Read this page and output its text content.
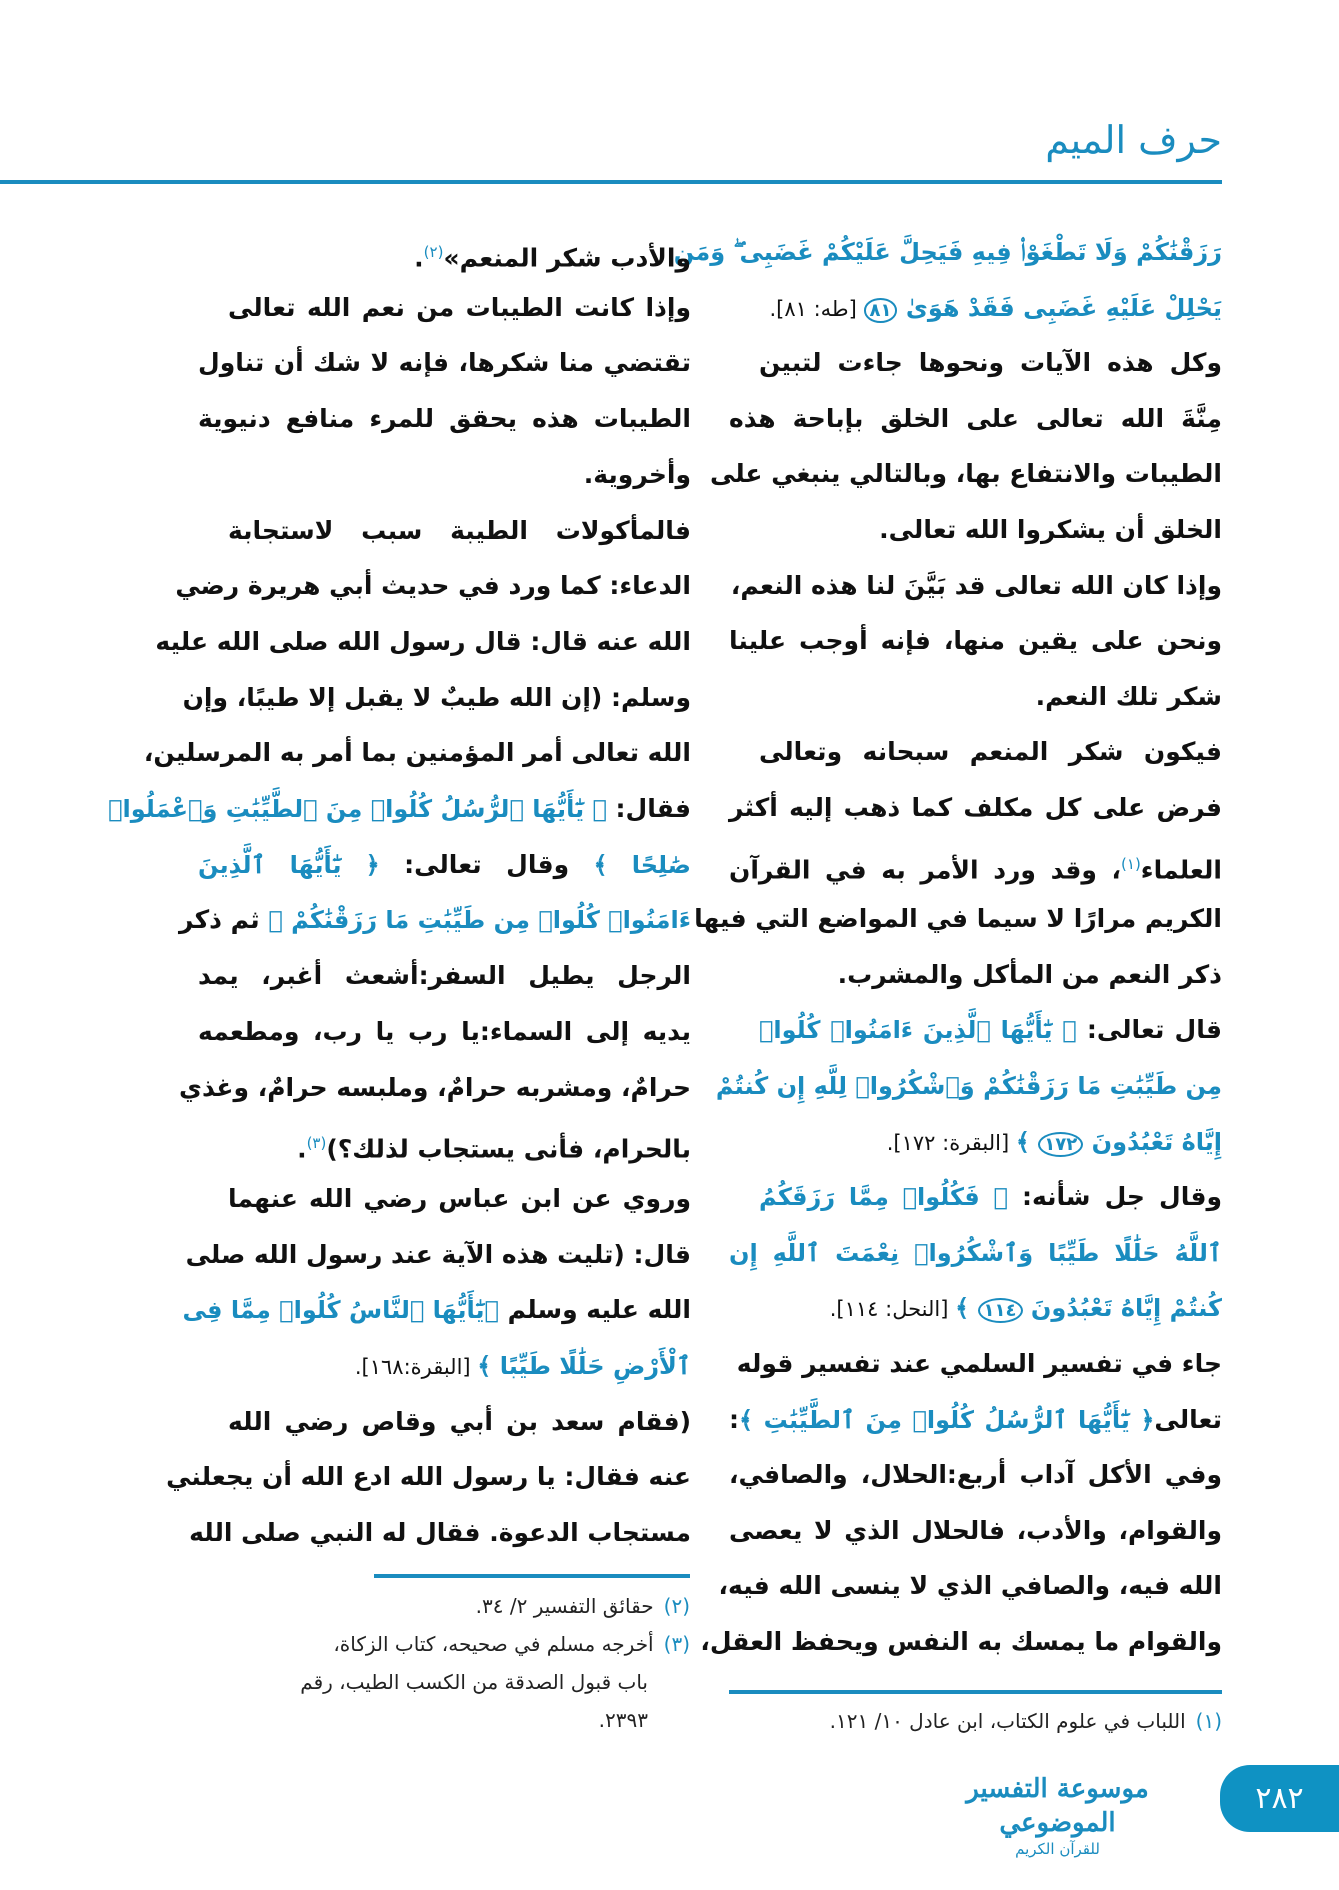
حرف الميم
رَزَقْنَٰكُمْ وَلَا تَطْغَوْا۟ فِيهِ فَيَحِلَّ عَلَيْكُمْ غَضَبِى ۖ وَمَن
يَحْلِلْ عَلَيْهِ غَضَبِى فَقَدْ هَوَىٰ ٨١ [طه: ٨١].
وكل هذه الآيات ونحوها جاءت لتبين
مِنَّةَ الله تعالى على الخلق بإباحة هذه
الطيبات والانتفاع بها، وبالتالي ينبغي على
الخلق أن يشكروا الله تعالى.
وإذا كان الله تعالى قد بَيَّنَ لنا هذه النعم،
ونحن على يقين منها، فإنه أوجب علينا
شكر تلك النعم.
فيكون شكر المنعم سبحانه وتعالى
فرض على كل مكلف كما ذهب إليه أكثر
العلماء$^{(١)}$، وقد ورد الأمر به في القرآن
الكريم مرارًا لا سيما في المواضع التي فيها
ذكر النعم من المأكل والمشرب.
قال تعالى: ﴿ يَٰٓأَيُّهَا ٱلَّذِينَ ءَامَنُوا۟ كُلُوا۟
مِن طَيِّبَٰتِ مَا رَزَقْنَٰكُمْ وَٱشْكُرُوا۟ لِلَّهِ إِن كُنتُمْ
إِيَّاهُ تَعْبُدُونَ ١٧٢ ﴾ [البقرة: ١٧٢].
وقال جل شأنه: ﴿ فَكُلُوا۟ مِمَّا رَزَقَكُمُ
ٱللَّهُ حَلَٰلًا طَيِّبًا وَٱشْكُرُوا۟ نِعْمَتَ ٱللَّهِ إِن
كُنتُمْ إِيَّاهُ تَعْبُدُونَ ١١٤ ﴾ [النحل: ١١٤].
جاء في تفسير السلمي عند تفسير قوله
تعالى﴿ يَٰٓأَيُّهَا ٱلرُّسُلُ كُلُوا۟ مِنَ ٱلطَّيِّبَٰتِ ﴾:
وفي الأكل آداب أربع:الحلال، والصافي،
والقوام، والأدب، فالحلال الذي لا يعصى
الله فيه، والصافي الذي لا ينسى الله فيه،
والقوام ما يمسك به النفس ويحفظ العقل،
والأدب شكر المنعم»$^{(٢)}$.
وإذا كانت الطيبات من نعم الله تعالى
تقتضي منا شكرها، فإنه لا شك أن تناول
الطيبات هذه يحقق للمرء منافع دنيوية
وأخروية.
فالمأكولات الطيبة سبب لاستجابة
الدعاء: كما ورد في حديث أبي هريرة رضي
الله عنه قال: قال رسول الله صلى الله عليه
وسلم: (إن الله طيبٌ لا يقبل إلا طيبًا، وإن
الله تعالى أمر المؤمنين بما أمر به المرسلين،
فقال: ﴿ يَٰٓأَيُّهَا ٱلرُّسُلُ كُلُوا۟ مِنَ ٱلطَّيِّبَٰتِ وَٱعْمَلُوا۟
صَٰلِحًا ﴾ وقال تعالى: ﴿ يَٰٓأَيُّهَا ٱلَّذِينَ
ءَامَنُوا۟ كُلُوا۟ مِن طَيِّبَٰتِ مَا رَزَقْنَٰكُمْ ﴾ ثم ذكر
الرجل يطيل السفر:أشعث أغبر، يمد
يديه إلى السماء:يا رب يا رب، ومطعمه
حرامٌ، ومشربه حرامٌ، وملبسه حرامٌ، وغذي
بالحرام، فأنى يستجاب لذلك؟)$^{(٣)}$.
وروي عن ابن عباس رضي الله عنهما
قال: (تليت هذه الآية عند رسول الله صلى
الله عليه وسلم ﴿يَٰٓأَيُّهَا ٱلنَّاسُ كُلُوا۟ مِمَّا فِى
ٱلْأَرْضِ حَلَٰلًا طَيِّبًا ﴾ [البقرة:١٦٨].
(فقام سعد بن أبي وقاص رضي الله
عنه فقال: يا رسول الله ادع الله أن يجعلني
مستجاب الدعوة. فقال له النبي صلى الله
(١)اللباب في علوم الكتاب، ابن عادل ١٠/ ١٢١.
(٢)حقائق التفسير ٢/ ٣٤.
(٣)أخرجه مسلم في صحيحه، كتاب الزكاة،
باب قبول الصدقة من الكسب الطيب، رقم
٢٣٩٣.
موسوعة التفسير الموضوعي
للقرآن الكريم
٢٨٢
